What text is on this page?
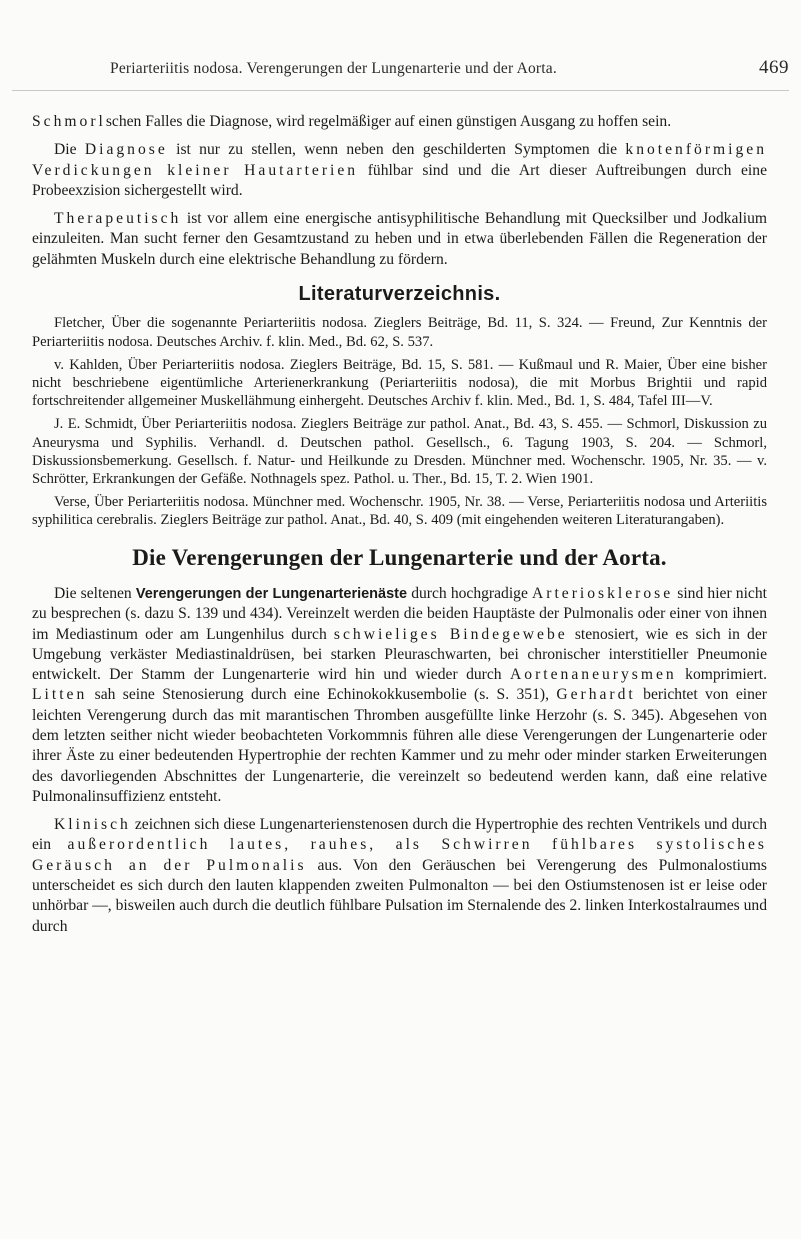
Periarteriitis nodosa. Verengerungen der Lungenarterie und der Aorta.	469

Schmorlschen Falles die Diagnose, wird regelmäßiger auf einen günstigen Ausgang zu hoffen sein.

Die Diagnose ist nur zu stellen, wenn neben den geschilderten Symptomen die knotenförmigen Verdickungen kleiner Hautarterien fühlbar sind und die Art dieser Auftreibungen durch eine Probeexzision sichergestellt wird.

Therapeutisch ist vor allem eine energische antisyphilitische Behandlung mit Quecksilber und Jodkalium einzuleiten. Man sucht ferner den Gesamtzustand zu heben und in etwa überlebenden Fällen die Regeneration der gelähmten Muskeln durch eine elektrische Behandlung zu fördern.

Literaturverzeichnis.

Fletcher, Über die sogenannte Periarteriitis nodosa. Zieglers Beiträge, Bd. 11, S. 324. — Freund, Zur Kenntnis der Periarteriitis nodosa. Deutsches Archiv. f. klin. Med., Bd. 62, S. 537.

v. Kahlden, Über Periarteriitis nodosa. Zieglers Beiträge, Bd. 15, S. 581. — Kußmaul und R. Maier, Über eine bisher nicht beschriebene eigentümliche Arterienerkrankung (Periarteriitis nodosa), die mit Morbus Brightii und rapid fortschreitender allgemeiner Muskellähmung einhergeht. Deutsches Archiv f. klin. Med., Bd. 1, S. 484, Tafel III—V.

J. E. Schmidt, Über Periarteriitis nodosa. Zieglers Beiträge zur pathol. Anat., Bd. 43, S. 455. — Schmorl, Diskussion zu Aneurysma und Syphilis. Verhandl. d. Deutschen pathol. Gesellsch., 6. Tagung 1903, S. 204. — Schmorl, Diskussionsbemerkung. Gesellsch. f. Natur- und Heilkunde zu Dresden. Münchner med. Wochenschr. 1905, Nr. 35. — v. Schrötter, Erkrankungen der Gefäße. Nothnagels spez. Pathol. u. Ther., Bd. 15, T. 2. Wien 1901.

Verse, Über Periarteriitis nodosa. Münchner med. Wochenschr. 1905, Nr. 38. — Verse, Periarteriitis nodosa und Arteriitis syphilitica cerebralis. Zieglers Beiträge zur pathol. Anat., Bd. 40, S. 409 (mit eingehenden weiteren Literaturangaben).

Die Verengerungen der Lungenarterie und der Aorta.

Die seltenen Verengerungen der Lungenarterienäste durch hochgradige Arteriosklerose sind hier nicht zu besprechen (s. dazu S. 139 und 434). Vereinzelt werden die beiden Hauptäste der Pulmonalis oder einer von ihnen im Mediastinum oder am Lungenhilus durch schwieliges Bindegewebe stenosiert, wie es sich in der Umgebung verkäster Mediastinaldrüsen, bei starken Pleuraschwarten, bei chronischer interstitieller Pneumonie entwickelt. Der Stamm der Lungenarterie wird hin und wieder durch Aortenaneurysmen komprimiert. Litten sah seine Stenosierung durch eine Echinokokkusembolie (s. S. 351), Gerhardt berichtet von einer leichten Verengerung durch das mit marantischen Thromben ausgefüllte linke Herzohr (s. S. 345). Abgesehen von dem letzten seither nicht wieder beobachteten Vorkommnis führen alle diese Verengerungen der Lungenarterie oder ihrer Äste zu einer bedeutenden Hypertrophie der rechten Kammer und zu mehr oder minder starken Erweiterungen des davorliegenden Abschnittes der Lungenarterie, die vereinzelt so bedeutend werden kann, daß eine relative Pulmonalinsuffizienz entsteht.

Klinisch zeichnen sich diese Lungenarterienstenosen durch die Hypertrophie des rechten Ventrikels und durch ein außerordentlich lautes, rauhes, als Schwirren fühlbares systolisches Geräusch an der Pulmonalis aus. Von den Geräuschen bei Verengerung des Pulmonalostiums unterscheidet es sich durch den lauten klappenden zweiten Pulmonalton — bei den Ostiumstenosen ist er leise oder unhörbar —, bisweilen auch durch die deutlich fühlbare Pulsation im Sternalende des 2. linken Interkostalraumes und durch
